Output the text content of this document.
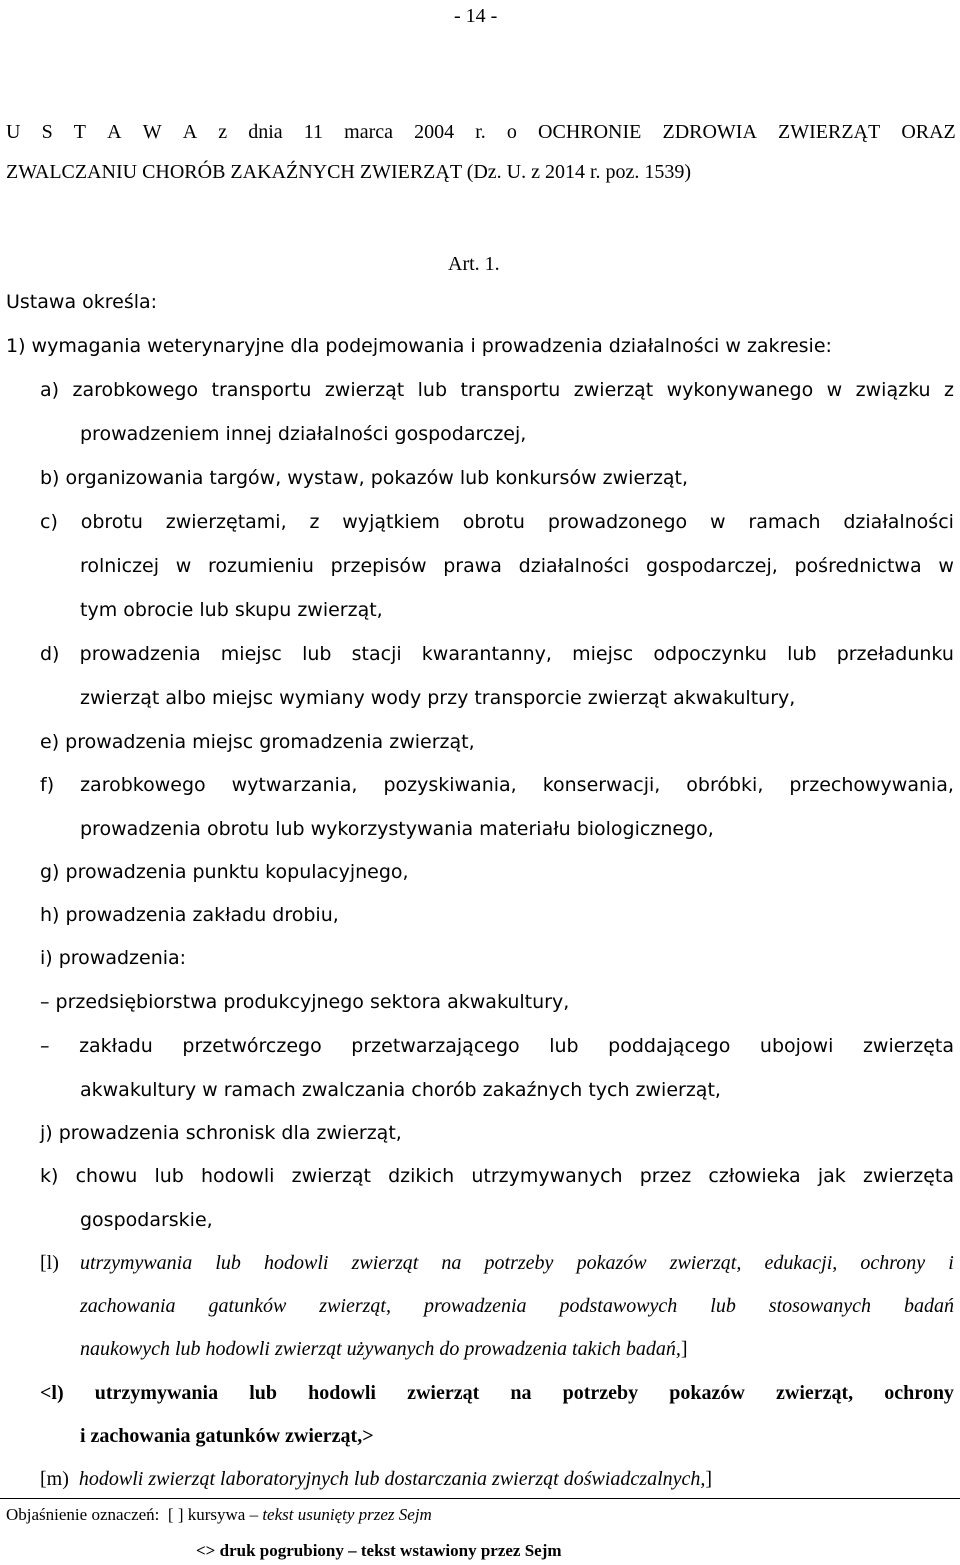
- 14 -
U S T A W A z dnia 11 marca 2004 r. o OCHRONIE ZDROWIA ZWIERZĄT ORAZ
ZWALCZANIU CHORÓB ZAKAŹNYCH ZWIERZĄT (Dz. U. z 2014 r. poz. 1539)
Art. 1.
Ustawa określa:
1) wymagania weterynaryjne dla podejmowania i prowadzenia działalności w zakresie:
a) zarobkowego transportu zwierząt lub transportu zwierząt wykonywanego w związku z
prowadzeniem innej działalności gospodarczej,
b) organizowania targów, wystaw, pokazów lub konkursów zwierząt,
c) obrotu zwierzętami, z wyjątkiem obrotu prowadzonego w ramach działalności
rolniczej w rozumieniu przepisów prawa działalności gospodarczej, pośrednictwa w
tym obrocie lub skupu zwierząt,
d) prowadzenia miejsc lub stacji kwarantanny, miejsc odpoczynku lub przeładunku
zwierząt albo miejsc wymiany wody przy transporcie zwierząt akwakultury,
e) prowadzenia miejsc gromadzenia zwierząt,
f) zarobkowego wytwarzania, pozyskiwania, konserwacji, obróbki, przechowywania,
prowadzenia obrotu lub wykorzystywania materiału biologicznego,
g) prowadzenia punktu kopulacyjnego,
h) prowadzenia zakładu drobiu,
i) prowadzenia:
– przedsiębiorstwa produkcyjnego sektora akwakultury,
– zakładu przetwórczego przetwarzającego lub poddającego ubojowi zwierzęta
akwakultury w ramach zwalczania chorób zakaźnych tych zwierząt,
j) prowadzenia schronisk dla zwierząt,
k) chowu lub hodowli zwierząt dzikich utrzymywanych przez człowieka jak zwierzęta
gospodarskie,
[l) utrzymywania lub hodowli zwierząt na potrzeby pokazów zwierząt, edukacji, ochrony i
zachowania gatunków zwierząt, prowadzenia podstawowych lub stosowanych badań
naukowych lub hodowli zwierząt używanych do prowadzenia takich badań,]
<l) utrzymywania lub hodowli zwierząt na potrzeby pokazów zwierząt, ochrony
i zachowania gatunków zwierząt,>
[m) hodowli zwierząt laboratoryjnych lub dostarczania zwierząt doświadczalnych,]
Objaśnienie oznaczeń: [ ] kursywa – tekst usunięty przez Sejm
<> druk pogrubiony – tekst wstawiony przez Sejm
